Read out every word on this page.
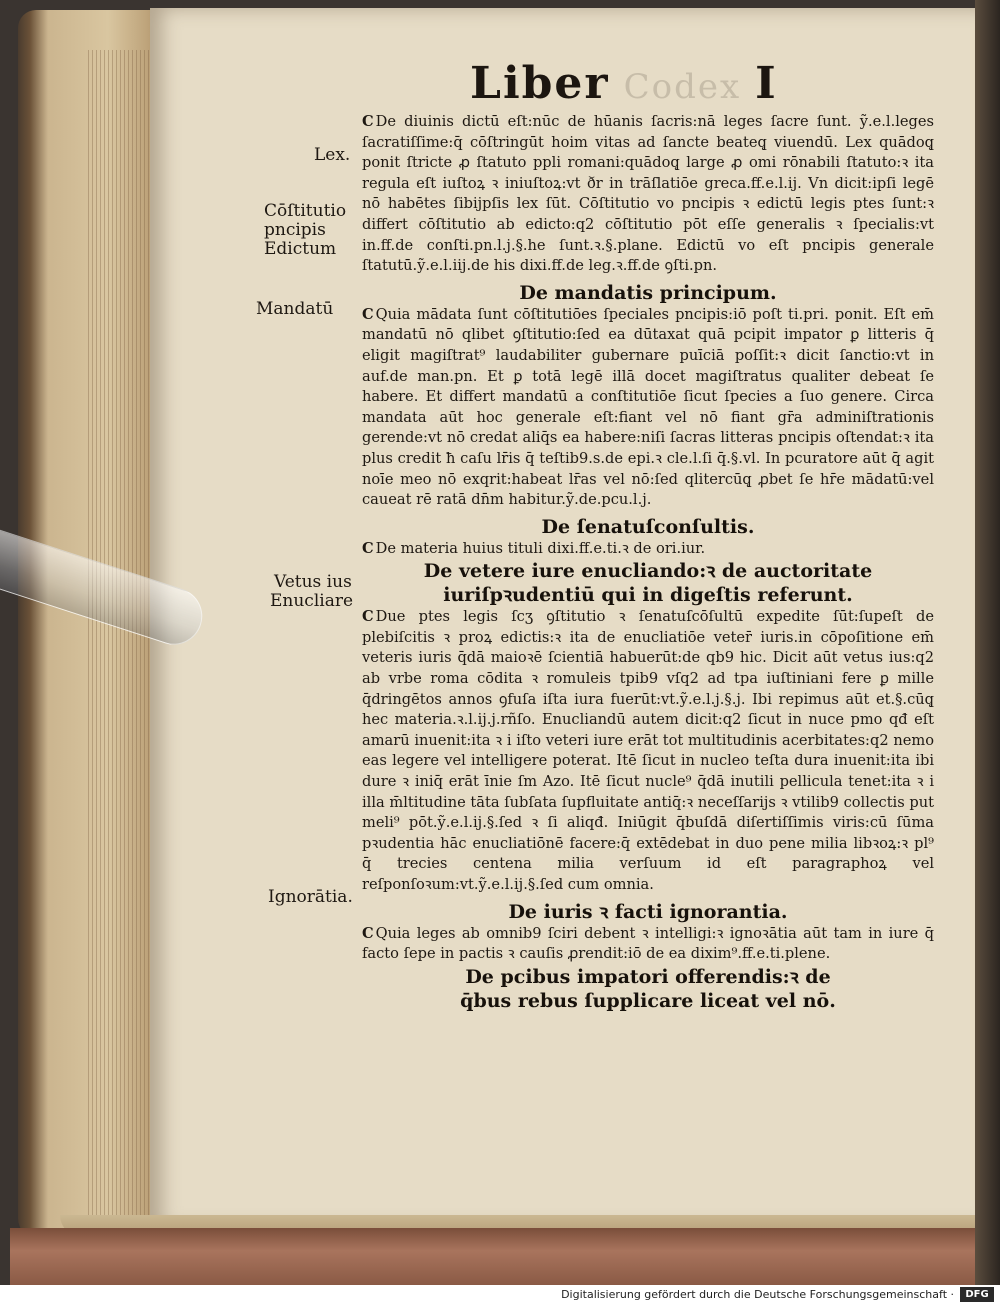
Liber Codex I
Lex.
Cōſtitutio
pncipis
Edictum
Mandatū
Vetus ius
Enucliare
Ignorātia.

C De diuinis dictū eſt:nūc de hūanis ſacris:nā leges ſacre ſunt. ỹ.e.l.leges ſacratiſſime:q̄ cōſtringūt hoim vitas ad ſancte beateq̨ viuendū. Lex quādoq̨ ponit ſtricte ꝓ ſtatuto ppli romani:quādoq̨ large ꝓ omi rōnabili ſtatuto:ꝛ ita regula eſt iuſtoꝝ ꝛ iniuſtoꝝ:vt ðr in trāſlatiōe greca.ff.e.l.ij. Vn dicit:ipſi legē nō habētes ſibijpſis lex ſūt. Cōſtitutio vo pncipis ꝛ edictū legis ptes ſunt:ꝛ differt cōſtitutio ab edicto:q2 cōſtitutio pōt eſſe generalis ꝛ ſpecialis:vt in.ff.de conſti.pn.l.j.§.he ſunt.ꝛ.§.plane. Edictū vo eſt pncipis generale ſtatutū.ỹ.e.l.iij.de his dixi.ff.de leg.ꝛ.ff.de ꝯſti.pn.

De mandatis principum.

C Quia mādata ſunt cōſtitutiōes ſpeciales pncipis:iō poſt ti.pri. ponit. Eſt em̄ mandatū nō qlibet ꝯſtitutio:ſed ea dūtaxat quā pcipit impator ꝑ litteris q̄ eligit magiſtrat⁹ laudabiliter gubernare puīciā poſſit:ꝛ dicit ſanctio:vt in auf.de man.pn. Et ꝑ totā legē illā docet magiſtratus qualiter debeat ſe habere. Et differt mandatū a conſtitutiōe ſicut ſpecies a ſuo genere. Circa mandata aūt hoc generale eſt:fiant vel nō fiant gr̄a adminiſtrationis gerende:vt nō credat aliq̄s ea habere:niſi ſacras litteras pncipis oſtendat:ꝛ ita plus credit ħ caſu lr̄is q̄ teſtib9.s.de epi.ꝛ cle.l.ſi q̄.§.vl. In pcuratore aūt q̄ agit noīe meo nō exqrit:habeat lr̄as vel nō:ſed qlitercūq̨ ꝓbet ſe hr̄e mādatū:vel caueat rē ratā dn̄m habitur.ỹ.de.pcu.l.j.

De ſenatuſconſultis.

C De materia huius tituli dixi.ff.e.ti.ꝛ de ori.iur.

De vetere iure enucliando:ꝛ de auctoritate

iuriſpꝛudentiū qui in digeſtis referunt.

C Due ptes legis ſcʒ ꝯſtitutio ꝛ ſenatuſcōſultū expedite ſūt:ſupeſt de plebiſcitis ꝛ proꝝ edictis:ꝛ ita de enucliatiōe veter̄ iuris.in cōpoſitione em̄ veteris iuris q̄dā maioꝛē ſcientiā habuerūt:de qb9 hic. Dicit aūt vetus ius:q2 ab vrbe roma cōdita ꝛ romuleis tpib9 vſq2 ad tpa iuſtiniani fere ꝑ mille q̄dringētos annos ꝯfuſa iſta iura fuerūt:vt.ỹ.e.l.j.§.j. Ibi repimus aūt et.§.cūq̨ hec materia.ꝛ.l.ij.j.rñſo. Enucliandū autem dicit:q2 ſicut in nuce pmo qđ eſt amarū inuenit:ita ꝛ i iſto veteri iure erāt tot multitudinis acerbitates:q2 nemo eas legere vel intelligere poterat. Itē ſicut in nucleo teſta dura inuenit:ita ibi dure ꝛ iniq̄ erāt īnie ſm Azo. Itē ſicut nucle⁹ q̄dā inutili pellicula tenet:ita ꝛ i illa m̄ltitudine tāta ſubſata ſupfluitate antiq̄:ꝛ neceſſarijs ꝛ vtilib9 collectis put meli⁹ pōt.ỹ.e.l.ij.§.ſed ꝛ ſi aliqđ. Iniūgit q̄buſdā diſertiſſimis viris:cū ſūma pꝛudentia hāc enucliatiōnē facere:q̄ extēdebat in duo pene milia libꝛoꝝ:ꝛ pl⁹ q̄ trecies centena milia verſuum id eſt paragraphoꝝ vel reſponſoꝛum:vt.ỹ.e.l.ij.§.ſed cum omnia.

De iuris ꝛ facti ignorantia.

C Quia leges ab omnib9 ſciri debent ꝛ intelligi:ꝛ ignoꝛātia aūt tam in iure q̄ facto ſepe in pactis ꝛ cauſis ꝓrendit:iō de ea dixim⁹.ff.e.ti.plene.

De pcibus impatori offerendis:ꝛ de

q̄bus rebus ſupplicare liceat vel nō.

Digitalisierung gefördert durch die Deutsche Forschungsgemeinschaft ·	DFG
